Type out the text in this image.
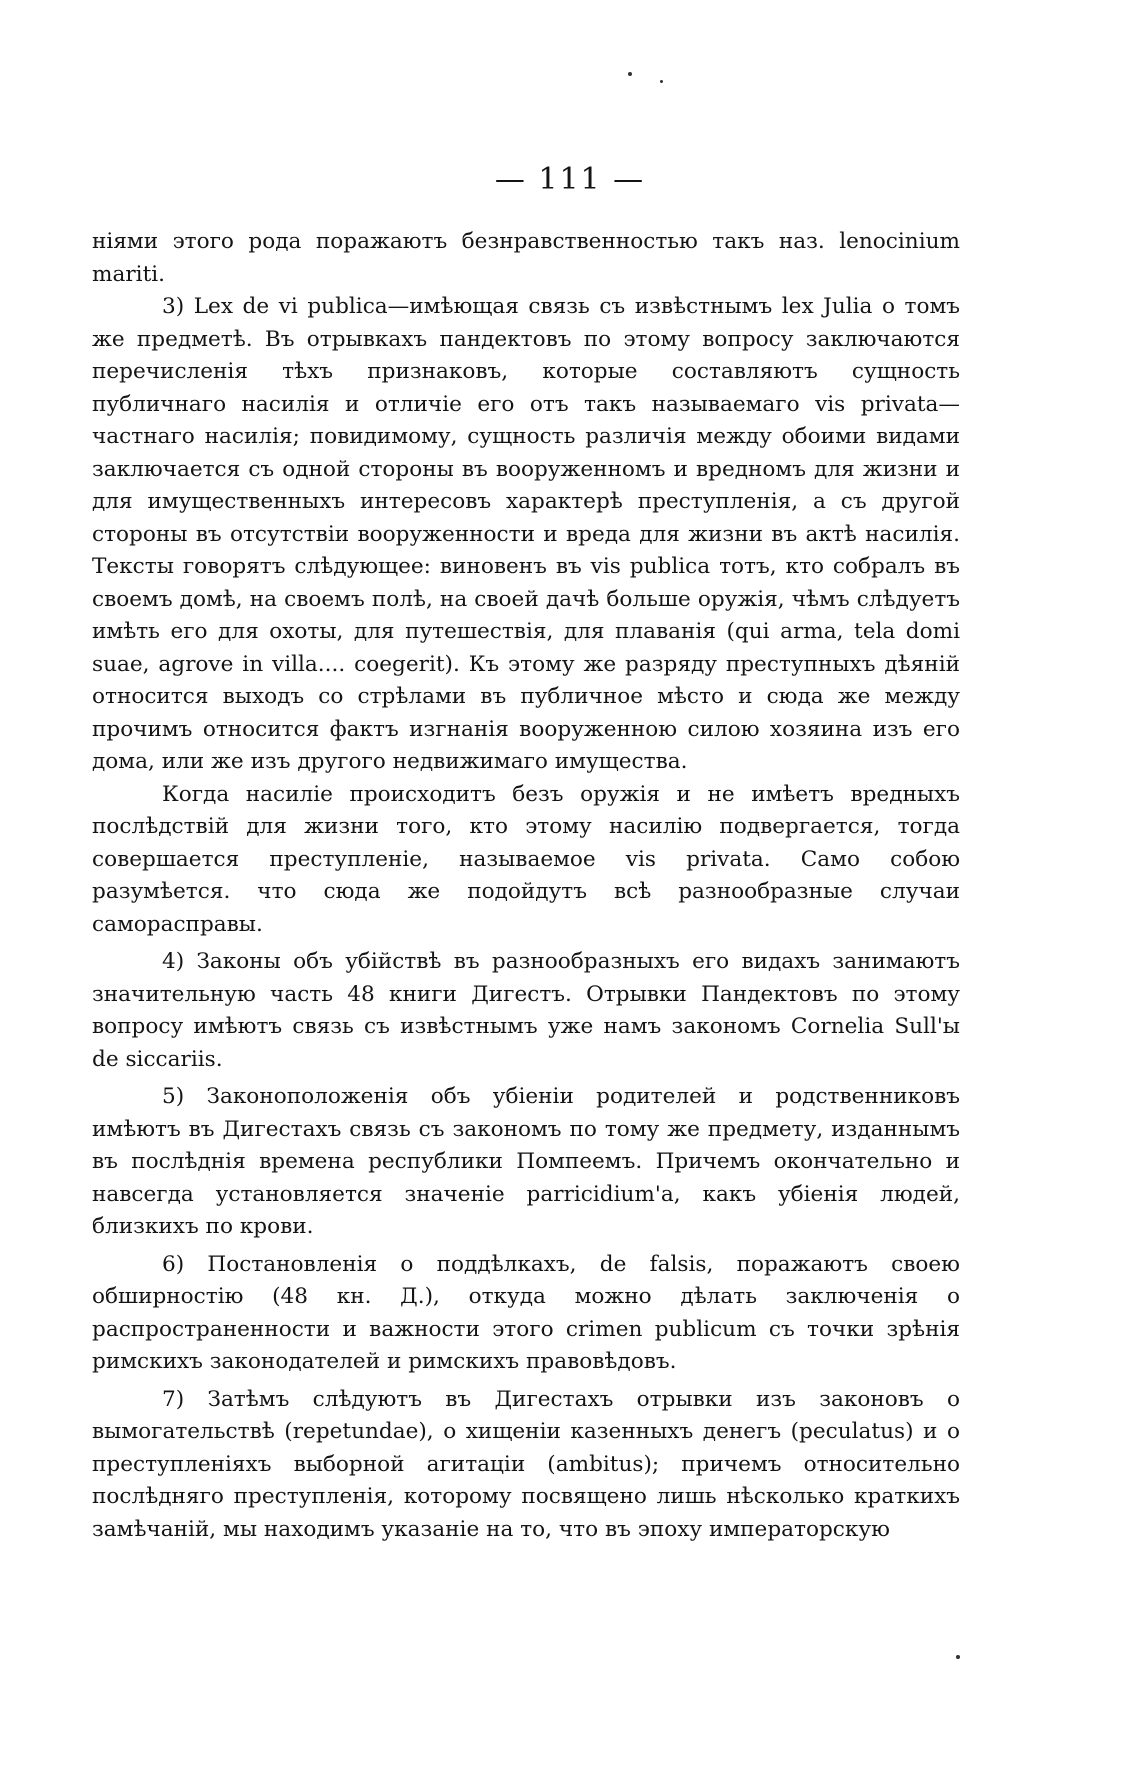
— 111 —

ніями этого рода поражаютъ безнравственностью такъ наз. lenocinium mariti.

3) Lex de vi publica—имѣющая связь съ извѣстнымъ lex Julia о томъ же предметѣ. Въ отрывкахъ пандектовъ по этому вопросу заключаются перечисленія тѣхъ признаковъ, которые составляютъ сущность публичнаго насилія и отличіе его отъ такъ называемаго vis privata—частнаго насилія; повидимому, сущность различія между обоими видами заключается съ одной стороны въ вооруженномъ и вредномъ для жизни и для имущественныхъ интересовъ характерѣ преступленія, а съ другой стороны въ отсутствіи вооруженности и вреда для жизни въ актѣ насилія. Тексты говорятъ слѣдующее: виновенъ въ vis publica тотъ, кто собралъ въ своемъ домѣ, на своемъ полѣ, на своей дачѣ больше оружія, чѣмъ слѣдуетъ имѣть его для охоты, для путешествія, для плаванія (qui arma, tela domi suae, agrove in villa.... coegerit). Къ этому же разряду преступныхъ дѣяній относится выходъ со стрѣлами въ публичное мѣсто и сюда же между прочимъ относится фактъ изгнанія вооруженною силою хозяина изъ его дома, или же изъ другого недвижимаго имущества.

Когда насиліе происходитъ безъ оружія и не имѣетъ вредныхъ послѣдствій для жизни того, кто этому насилію подвергается, тогда совершается преступленіе, называемое vis privata. Само собою разумѣется. что сюда же подойдутъ всѣ разнообразные случаи самоpасправы.

4) Законы объ убійствѣ въ разнообразныхъ его видахъ занимаютъ значительную часть 48 книги Дигестъ. Отрывки Пандектовъ по этому вопросу имѣютъ связь съ извѣстнымъ уже намъ закономъ Cornelia Sull'ы de siccariis.

5) Законоположенія объ убіеніи родителей и родственниковъ имѣютъ въ Дигестахъ связь съ закономъ по тому же предмету, изданнымъ въ послѣднія времена республики Помпеемъ. Причемъ окончательно и навсегда установляется значеніе parricidium'а, какъ убіенія людей, близкихъ по крови.

6) Постановленія о поддѣлкахъ, de falsis, поражаютъ своею обширностію (48 кн. Д.), откуда можно дѣлать заключенія о распространенности и важности этого crimen publicum съ точки зрѣнія римскихъ законодателей и римскихъ правовѣдовъ.

7) Затѣмъ слѣдуютъ въ Дигестахъ отрывки изъ законовъ о вымогательствѣ (repetundae), о хищеніи казенныхъ денегъ (peculatus) и о преступленіяхъ выборной агитаціи (ambitus); причемъ относительно послѣдняго преступленія, которому посвящено лишь нѣсколько краткихъ замѣчаній, мы находимъ указаніе на то, что въ эпоху императорскую
